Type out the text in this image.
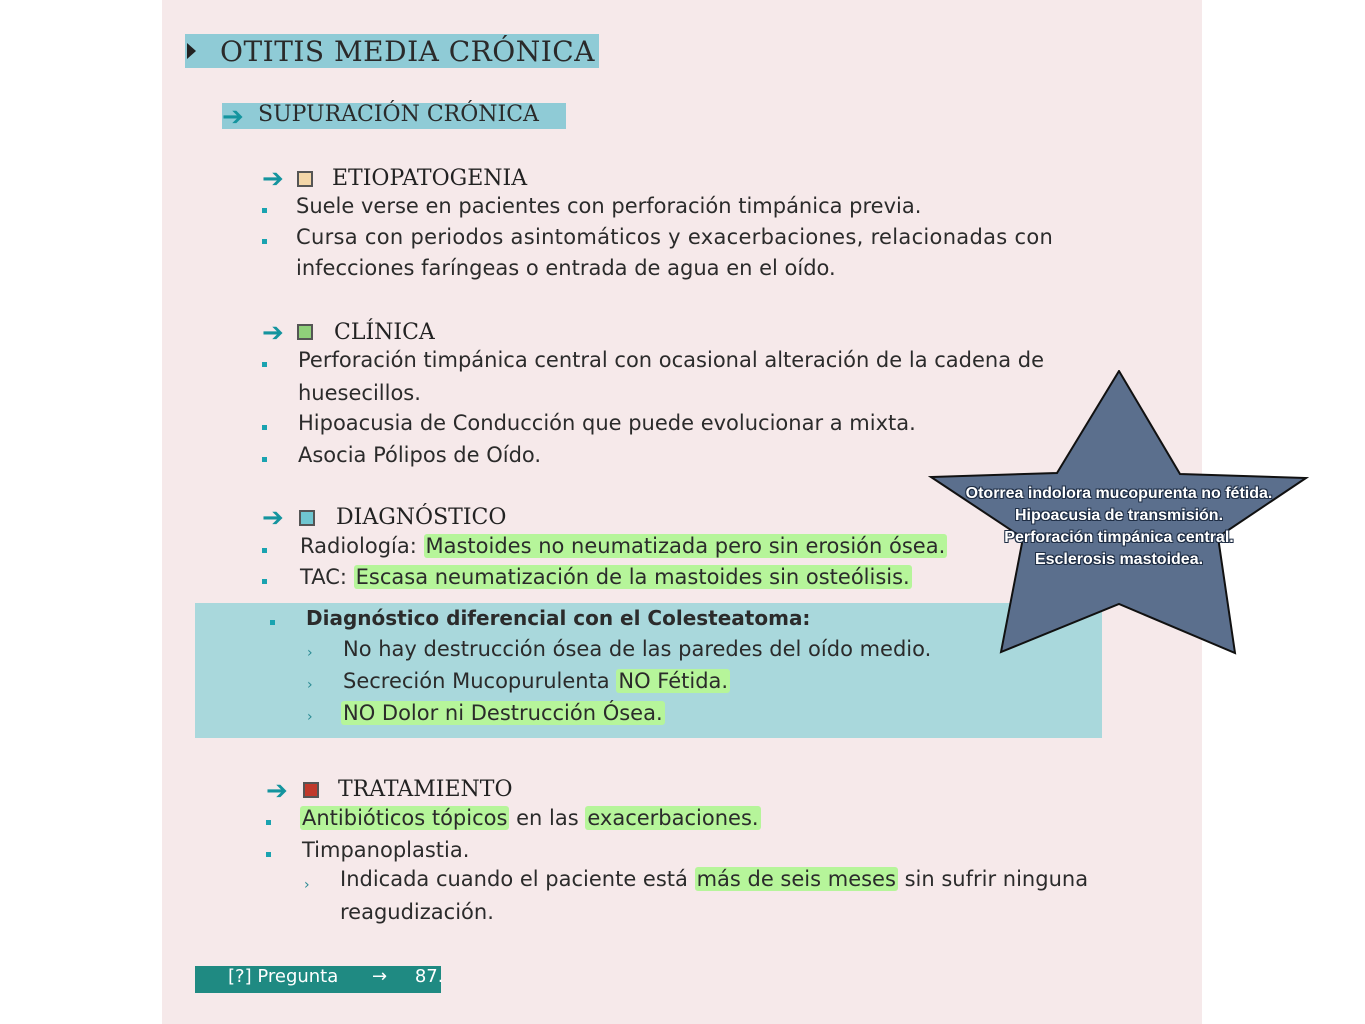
OTITIS MEDIA CRÓNICA
➔ SUPURACIÓN CRÓNICA
➔ ETIOPATOGENIA
Suele verse en pacientes con perforación timpánica previa.
Cursa con periodos asintomáticos y exacerbaciones, relacionadas con
infecciones faríngeas o entrada de agua en el oído.
➔ CLÍNICA
Perforación timpánica central con ocasional alteración de la cadena de
huesecillos.
Hipoacusia de Conducción que puede evolucionar a mixta.
Asocia Pólipos de Oído.
➔ DIAGNÓSTICO
Radiología: Mastoides no neumatizada pero sin erosión ósea.
TAC: Escasa neumatización de la mastoides sin osteólisis.
Diagnóstico diferencial con el Colesteatoma:
› No hay destrucción ósea de las paredes del oído medio.
› Secreción Mucopurulenta NO Fétida.
› NO Dolor ni Destrucción Ósea.
➔ TRATAMIENTO
Antibióticos tópicos en las exacerbaciones.
Timpanoplastia.
› Indicada cuando el paciente está más de seis meses sin sufrir ninguna
reagudización.
[?] Pregunta → 87.
Otorrea indolora mucopurenta no fétida.
Hipoacusia de transmisión.
Perforación timpánica central.
Esclerosis mastoidea.
